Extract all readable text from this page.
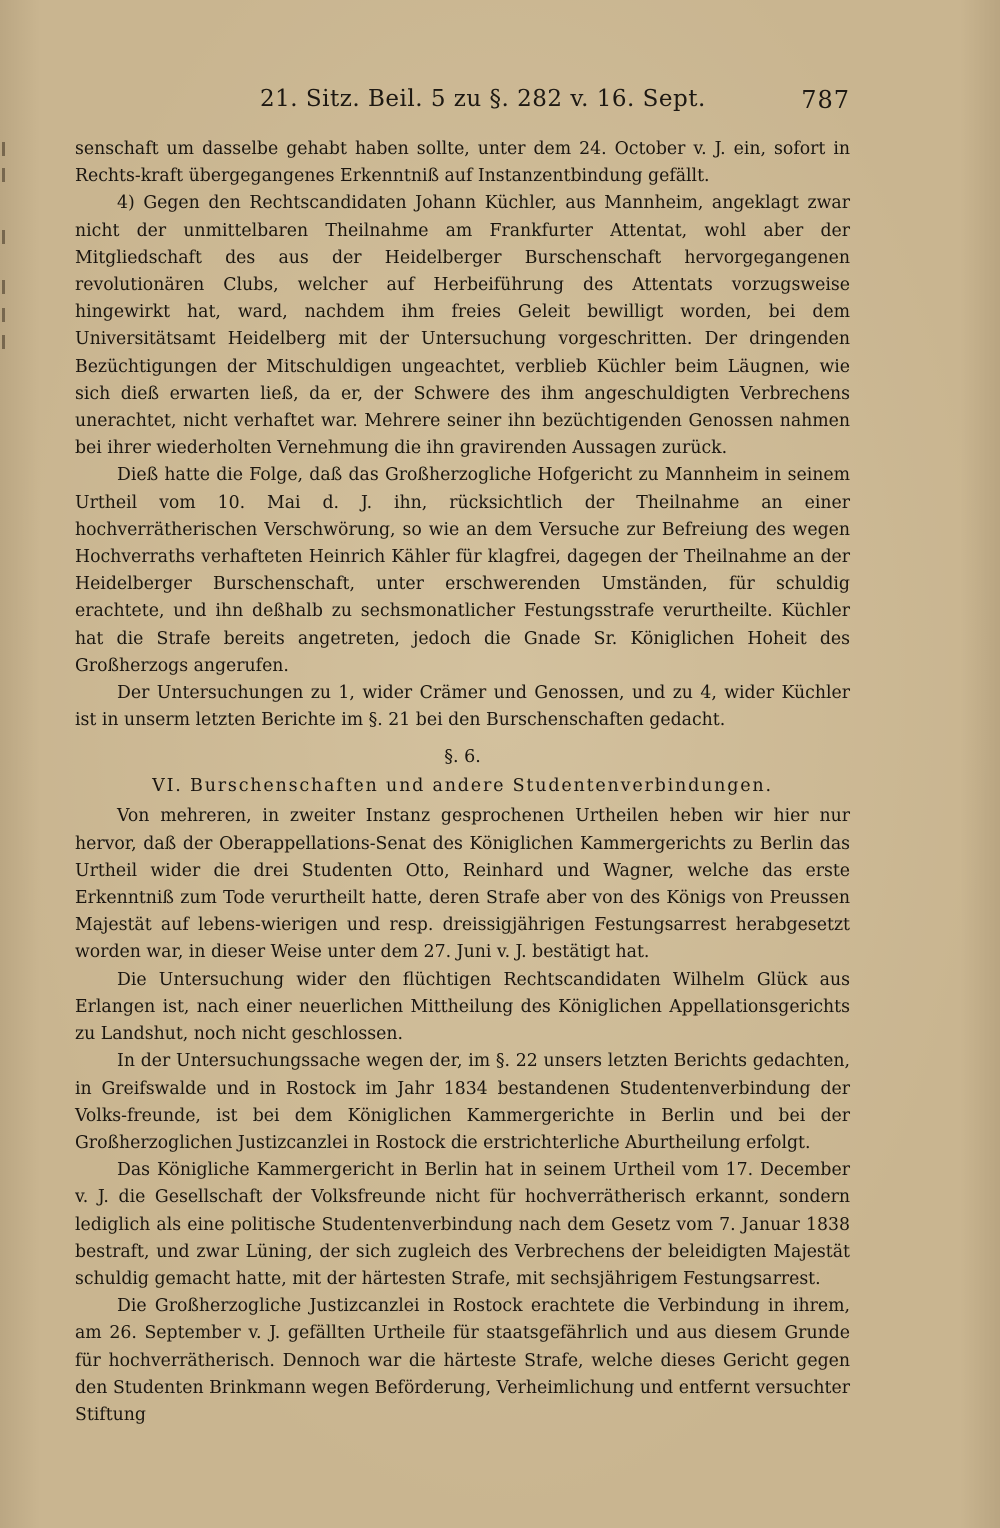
21. Sitz. Beil. 5 zu §. 282 v. 16. Sept.	787

senschaft um dasselbe gehabt haben sollte, unter dem 24. October v. J. ein, sofort in Rechts-kraft übergegangenes Erkenntniß auf Instanzentbindung gefällt.

4) Gegen den Rechtscandidaten Johann Küchler, aus Mannheim, angeklagt zwar nicht der unmittelbaren Theilnahme am Frankfurter Attentat, wohl aber der Mitgliedschaft des aus der Heidelberger Burschenschaft hervorgegangenen revolutionären Clubs, welcher auf Herbeiführung des Attentats vorzugsweise hingewirkt hat, ward, nachdem ihm freies Geleit bewilligt worden, bei dem Universitätsamt Heidelberg mit der Untersuchung vorgeschritten. Der dringenden Bezüchtigungen der Mitschuldigen ungeachtet, verblieb Küchler beim Läugnen, wie sich dieß erwarten ließ, da er, der Schwere des ihm angeschuldigten Verbrechens unerachtet, nicht verhaftet war. Mehrere seiner ihn bezüchtigenden Genossen nahmen bei ihrer wiederholten Vernehmung die ihn gravirenden Aussagen zurück.

Dieß hatte die Folge, daß das Großherzogliche Hofgericht zu Mannheim in seinem Urtheil vom 10. Mai d. J. ihn, rücksichtlich der Theilnahme an einer hochverrätherischen Verschwörung, so wie an dem Versuche zur Befreiung des wegen Hochverraths verhafteten Heinrich Kähler für klagfrei, dagegen der Theilnahme an der Heidelberger Burschenschaft, unter erschwerenden Umständen, für schuldig erachtete, und ihn deßhalb zu sechsmonatlicher Festungsstrafe verurtheilte. Küchler hat die Strafe bereits angetreten, jedoch die Gnade Sr. Königlichen Hoheit des Großherzogs angerufen.

Der Untersuchungen zu 1, wider Crämer und Genossen, und zu 4, wider Küchler ist in unserm letzten Berichte im §. 21 bei den Burschenschaften gedacht.

§. 6.
VI. Burschenschaften und andere Studentenverbindungen.

Von mehreren, in zweiter Instanz gesprochenen Urtheilen heben wir hier nur hervor, daß der Oberappellations-Senat des Königlichen Kammergerichts zu Berlin das Urtheil wider die drei Studenten Otto, Reinhard und Wagner, welche das erste Erkenntniß zum Tode verurtheilt hatte, deren Strafe aber von des Königs von Preussen Majestät auf lebens-wierigen und resp. dreissigjährigen Festungsarrest herabgesetzt worden war, in dieser Weise unter dem 27. Juni v. J. bestätigt hat.

Die Untersuchung wider den flüchtigen Rechtscandidaten Wilhelm Glück aus Erlangen ist, nach einer neuerlichen Mittheilung des Königlichen Appellationsgerichts zu Landshut, noch nicht geschlossen.

In der Untersuchungssache wegen der, im §. 22 unsers letzten Berichts gedachten, in Greifswalde und in Rostock im Jahr 1834 bestandenen Studentenverbindung der Volks-freunde, ist bei dem Königlichen Kammergerichte in Berlin und bei der Großherzoglichen Justizcanzlei in Rostock die erstrichterliche Aburtheilung erfolgt.

Das Königliche Kammergericht in Berlin hat in seinem Urtheil vom 17. December v. J. die Gesellschaft der Volksfreunde nicht für hochverrätherisch erkannt, sondern lediglich als eine politische Studentenverbindung nach dem Gesetz vom 7. Januar 1838 bestraft, und zwar Lüning, der sich zugleich des Verbrechens der beleidigten Majestät schuldig gemacht hatte, mit der härtesten Strafe, mit sechsjährigem Festungsarrest.

Die Großherzogliche Justizcanzlei in Rostock erachtete die Verbindung in ihrem, am 26. September v. J. gefällten Urtheile für staatsgefährlich und aus diesem Grunde für hochverrätherisch. Dennoch war die härteste Strafe, welche dieses Gericht gegen den Studenten Brinkmann wegen Beförderung, Verheimlichung und entfernt versuchter Stiftung
